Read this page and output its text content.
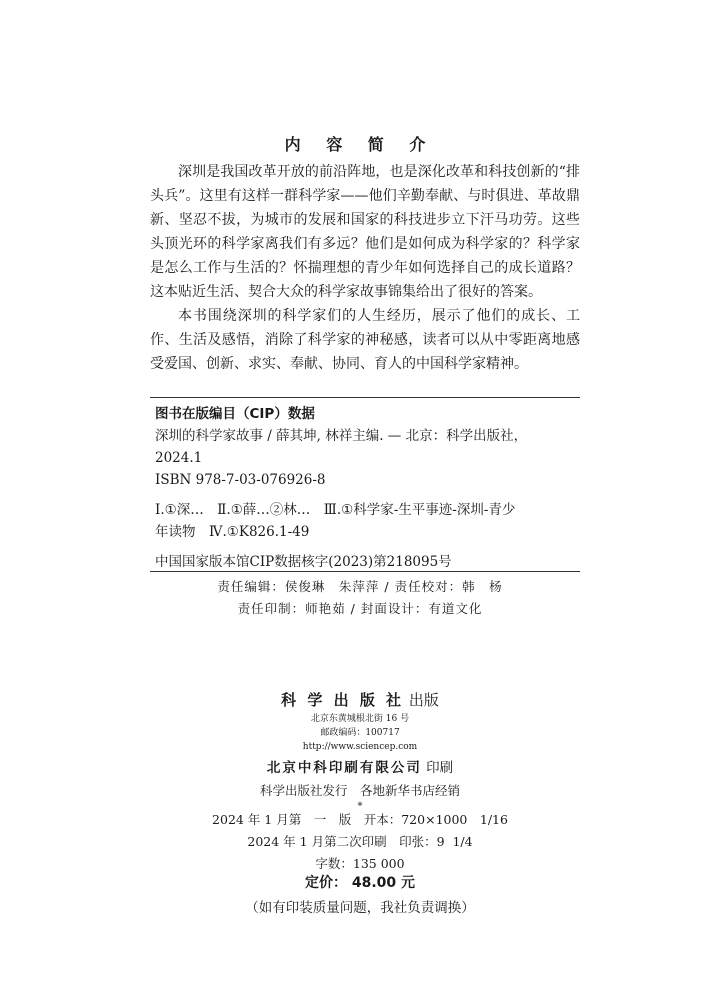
内 容 简 介

深圳是我国改革开放的前沿阵地，也是深化改革和科技创新的“排头兵”。这里有这样一群科学家——他们辛勤奉献、与时俱进、革故鼎新、坚忍不拔，为城市的发展和国家的科技进步立下汗马功劳。这些头顶光环的科学家离我们有多远？他们是如何成为科学家的？科学家是怎么工作与生活的？怀揣理想的青少年如何选择自己的成长道路？这本贴近生活、契合大众的科学家故事锦集给出了很好的答案。

本书围绕深圳的科学家们的人生经历，展示了他们的成长、工作、生活及感悟，消除了科学家的神秘感，读者可以从中零距离地感受爱国、创新、求实、奉献、协同、育人的中国科学家精神。

图书在版编目（CIP）数据
深圳的科学家故事 / 薛其坤, 林祥主编. — 北京：科学出版社，
2024.1
ISBN 978-7-03-076926-8
Ⅰ.①深…　Ⅱ.①薛…②林…　Ⅲ.①科学家-生平事迹-深圳-青少
年读物　Ⅳ.①K826.1-49
中国国家版本馆CIP数据核字(2023)第218095号
责任编辑：侯俊琳　朱萍萍 / 责任校对：韩　杨
责任印制：师艳茹 / 封面设计：有道文化
科 学 出 版 社 出版
北京东黄城根北街 16 号
邮政编码：100717
http://www.sciencep.com
北京中科印刷有限公司 印刷
科学出版社发行　各地新华书店经销
*
2024 年 1 月第　一　版　开本：720×1000　1/16
2024 年 1 月第二次印刷　印张：9  1/4
字数：135 000
定价： 48.00 元
（如有印装质量问题，我社负责调换）
